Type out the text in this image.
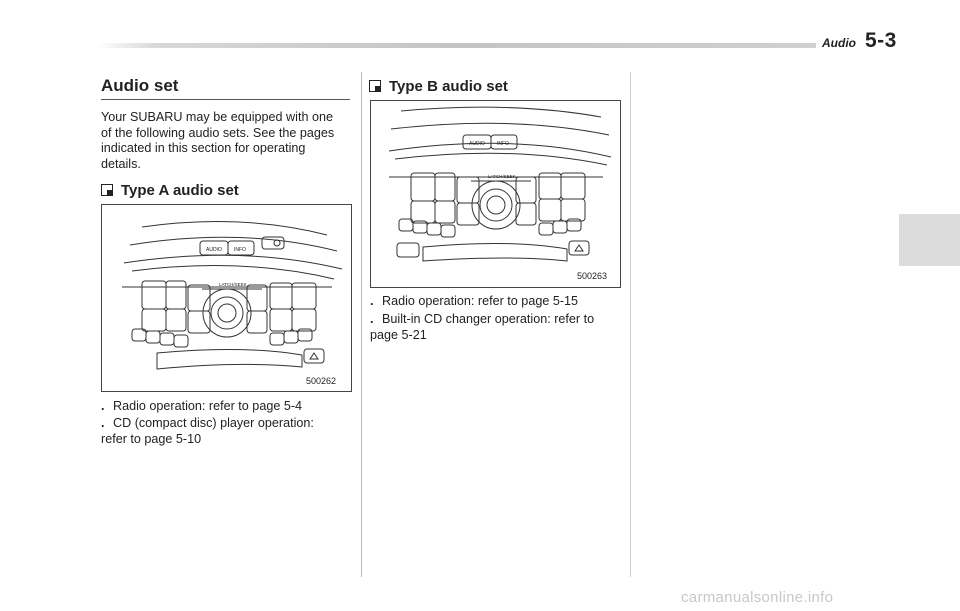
Audio 5-3
Audio set
Your SUBARU may be equipped with one
of the following audio sets. See the pages
indicated in this section for operating
details.
Type A audio set
AUDIO INFO
LATCH/SEEK
500262
. Radio operation: refer to page 5-4
. CD (compact disc) player operation:
refer to page 5-10
Type B audio set
AUDIO INFO
LATCH/SEEK
500263
. Radio operation: refer to page 5-15
. Built-in CD changer operation: refer to
page 5-21
carmanualsonline.info
